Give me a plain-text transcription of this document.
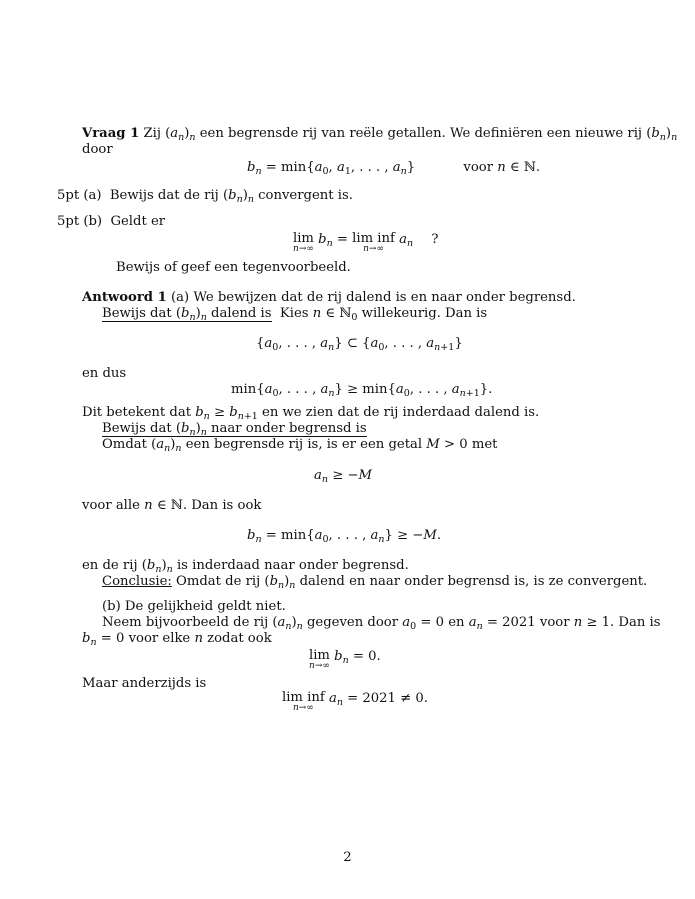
Vraag 1 Zij $(a_n)_n$ een begrensde rij van reële getallen. We definiëren een nieuwe rij $(b_n)_n$
door
$b_n = \min\{a_0$, $a_1$, . . . , $a_n$}	voor n ∈ ℕ.
5pt (a)  Bewijs dat de rij $(b_n)_n$ convergent is.
5pt (b)  Geldt er
lim
n→∞
$b_n = \lim$ inf
n→∞
$a_n$ ?
Bewijs of geef een tegenvoorbeeld.
Antwoord 1 (a) We bewijzen dat de rij dalend is en naar onder begrensd.
Bewijs dat $(b_n)_n$ dalend is  Kies n ∈ ℕ$_0$ willekeurig. Dan is
{$a_0$, . . . , $a_n$} ⊂ {$a_0$, . . . , $a_{n+1}$}
en dus
$\min\{a_0$, . . . , $a_n\} \ge \min\{a_0$, . . . , $a_{n+1}$}.
Dit betekent dat $b_n \ge b_{n+1}$ en we zien dat de rij inderdaad dalend is.
Bewijs dat $(b_n)_n$ naar onder begrensd is
Omdat $(a_n)_n$ een begrensde rij is, is er een getal M > 0 met
$a_n \ge -M$
voor alle n ∈ ℕ. Dan is ook
$b_n = \min\{a_0$, . . . , $a_n\} \ge -M$.
en de rij $(b_n)_n$ is inderdaad naar onder begrensd.
Conclusie: Omdat de rij $(b_n)_n$ dalend en naar onder begrensd is, is ze convergent.
(b) De gelijkheid geldt niet.
Neem bijvoorbeeld de rij $(a_n)_n$ gegeven door $a_0 = 0$ en $a_n = 2021$ voor n ≥ 1. Dan is
$b_n = 0$ voor elke n zodat ook
lim
n→∞
$b_n = 0$.
Maar anderzijds is
lim inf
n→∞
$a_n = 2021 \ne 0$.
2
